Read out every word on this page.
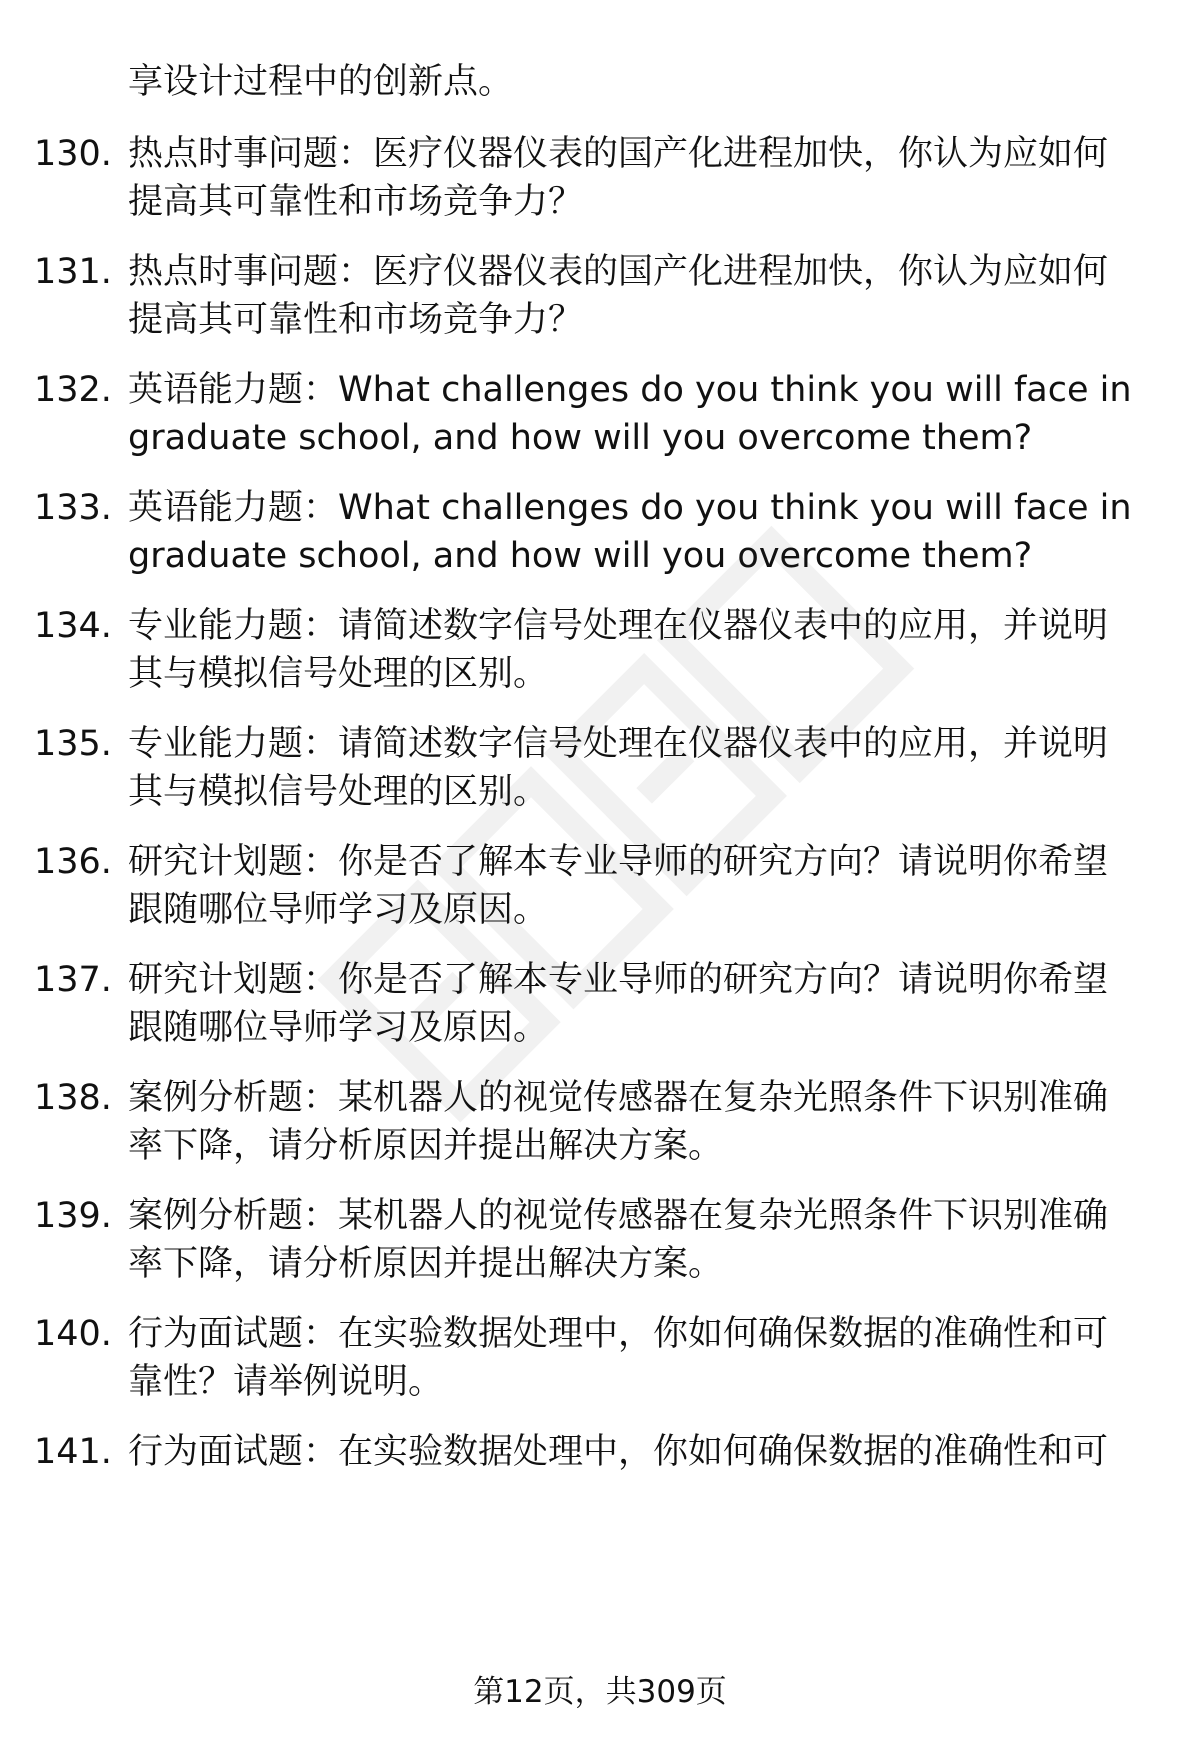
享设计过程中的创新点。
130. 热点时事问题：医疗仪器仪表的国产化进程加快，你认为应如何
提高其可靠性和市场竞争力？
131. 热点时事问题：医疗仪器仪表的国产化进程加快，你认为应如何
提高其可靠性和市场竞争力？
132. 英语能力题：What challenges do you think you will face in
graduate school, and how will you overcome them?
133. 英语能力题：What challenges do you think you will face in
graduate school, and how will you overcome them?
134. 专业能力题：请简述数字信号处理在仪器仪表中的应用，并说明
其与模拟信号处理的区别。
135. 专业能力题：请简述数字信号处理在仪器仪表中的应用，并说明
其与模拟信号处理的区别。
136. 研究计划题：你是否了解本专业导师的研究方向？请说明你希望
跟随哪位导师学习及原因。
137. 研究计划题：你是否了解本专业导师的研究方向？请说明你希望
跟随哪位导师学习及原因。
138. 案例分析题：某机器人的视觉传感器在复杂光照条件下识别准确
率下降，请分析原因并提出解决方案。
139. 案例分析题：某机器人的视觉传感器在复杂光照条件下识别准确
率下降，请分析原因并提出解决方案。
140. 行为面试题：在实验数据处理中，你如何确保数据的准确性和可
靠性？请举例说明。
141. 行为面试题：在实验数据处理中，你如何确保数据的准确性和可
第12页，共309页
